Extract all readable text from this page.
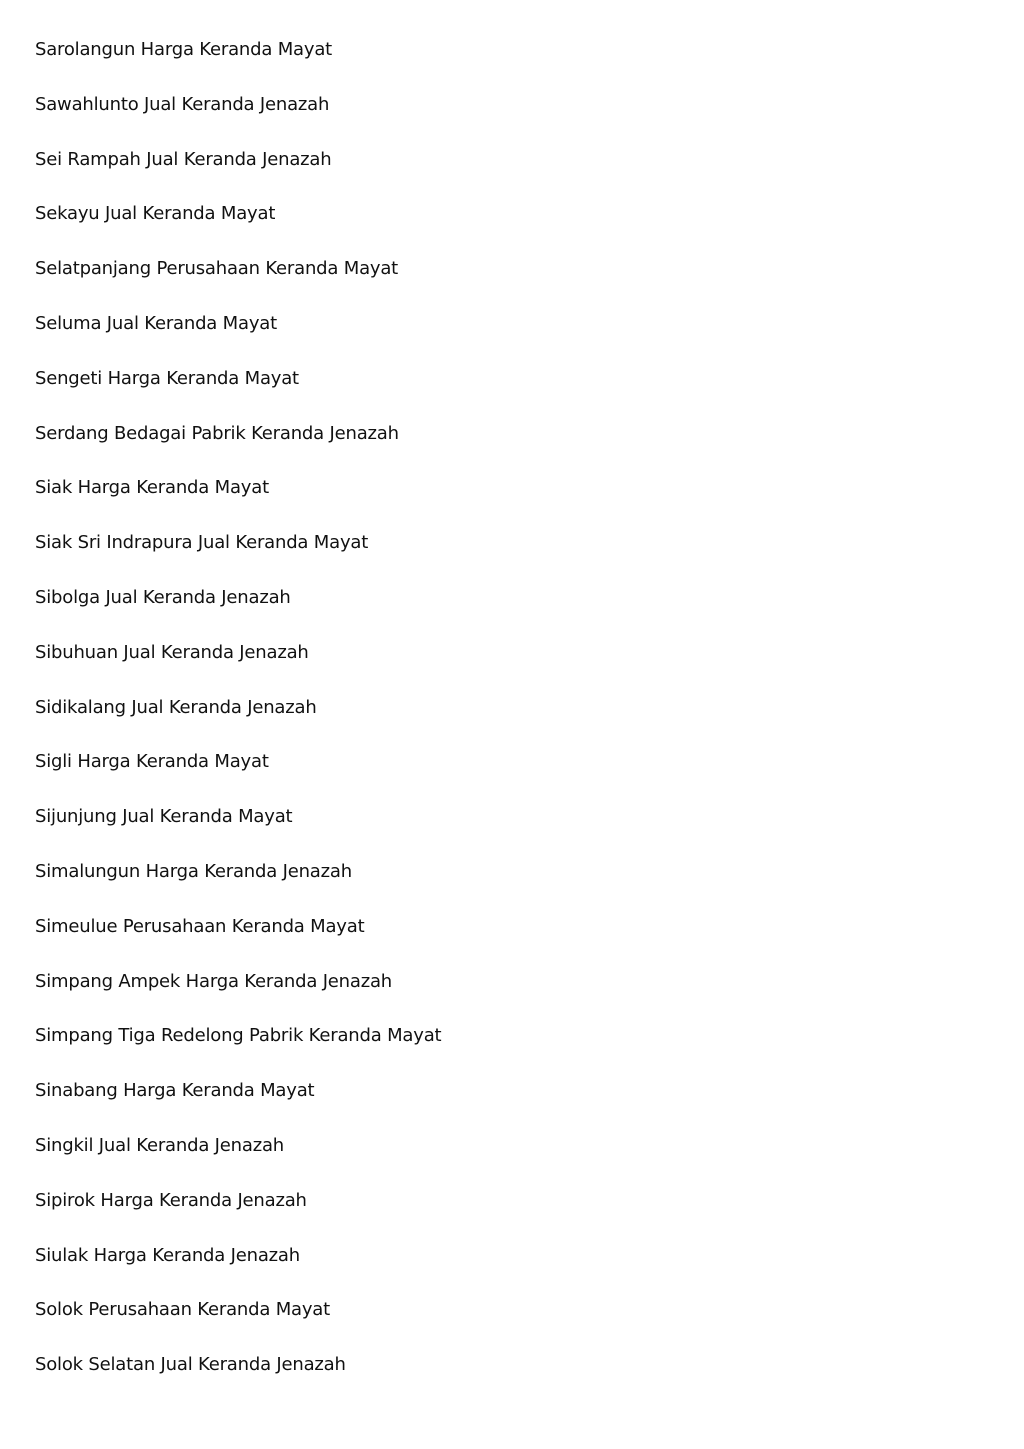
Sarolangun Harga Keranda Mayat
Sawahlunto Jual Keranda Jenazah
Sei Rampah Jual Keranda Jenazah
Sekayu Jual Keranda Mayat
Selatpanjang Perusahaan Keranda Mayat
Seluma Jual Keranda Mayat
Sengeti Harga Keranda Mayat
Serdang Bedagai Pabrik Keranda Jenazah
Siak Harga Keranda Mayat
Siak Sri Indrapura Jual Keranda Mayat
Sibolga Jual Keranda Jenazah
Sibuhuan Jual Keranda Jenazah
Sidikalang Jual Keranda Jenazah
Sigli Harga Keranda Mayat
Sijunjung Jual Keranda Mayat
Simalungun Harga Keranda Jenazah
Simeulue Perusahaan Keranda Mayat
Simpang Ampek Harga Keranda Jenazah
Simpang Tiga Redelong Pabrik Keranda Mayat
Sinabang Harga Keranda Mayat
Singkil Jual Keranda Jenazah
Sipirok Harga Keranda Jenazah
Siulak Harga Keranda Jenazah
Solok Perusahaan Keranda Mayat
Solok Selatan Jual Keranda Jenazah
